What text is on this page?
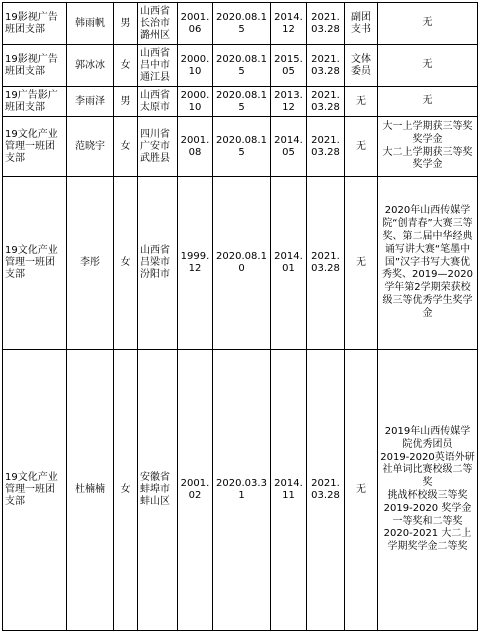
19影视广告班团支部	韩雨帆	男	山西省长治市潞州区	2001.06	2020.08.15	2014.12	2021.03.28	副团支书	无

19影视广告班团支部	郭冰冰	女	山西省吕中市通江县	2000.10	2020.08.15	2015.05	2021.03.28	文体委员	无

19广告影广班团支部	李雨泽	男	山西省太原市	2000.10	2020.08.15	2013.12	2021.03.28	无	无

19文化产业管理一班团支部	范晓宇	女	四川省广安市武胜县	2001.08	2020.08.15	2014.05	2021.03.28	无	大一上学期获三等奖奖学金
大二上学期获三等奖奖学金

19文化产业管理一班团支部	李彤	女	山西省吕梁市汾阳市	1999.12	2020.08.10	2014.01	2021.03.28	无	2020年山西传媒学院“创青春”大赛三等奖、第二届中华经典诵写讲大赛“笔墨中国”汉字书写大赛优秀奖、2019—2020学年第2学期荣获校级三等优秀学生奖学金

19文化产业管理一班团支部	杜楠楠	女	安徽省蚌埠市蚌山区	2001.02	2020.03.31	2014.11	2021.03.28	无	2019年山西传媒学院优秀团员
2019-2020英语外研社单词比赛校级二等奖
挑战杯校级三等奖
2019-2020 奖学金一等奖和二等奖
2020-2021 大二上学期奖学金二等奖
